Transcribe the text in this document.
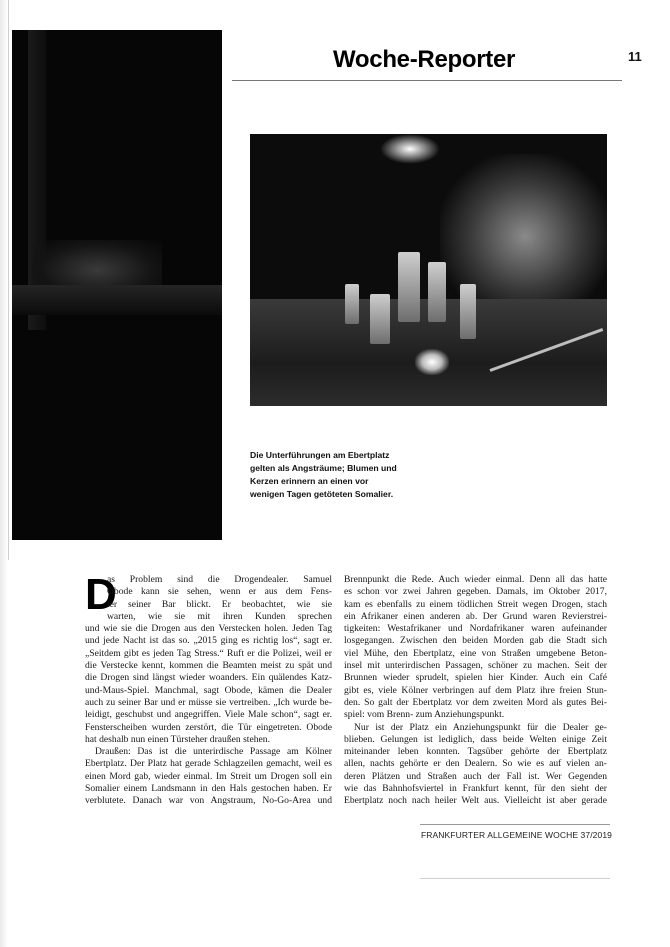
Woche-Reporter	11
Die Unterführungen am Ebertplatz
gelten als Angsträume; Blumen und
Kerzen erinnern an einen vor
wenigen Tagen getöteten Somalier.
D
as Problem sind die Drogendealer. Samuel
Obode kann sie sehen, wenn er aus dem Fens-
ter seiner Bar blickt. Er beobachtet, wie sie
warten, wie sie mit ihren Kunden sprechen
und wie sie die Drogen aus den Verstecken holen. Jeden Tag
und jede Nacht ist das so. „2015 ging es richtig los“, sagt er.
„Seitdem gibt es jeden Tag Stress.“ Ruft er die Polizei, weil er
die Verstecke kennt, kommen die Beamten meist zu spät und
die Drogen sind längst wieder woanders. Ein quälendes Katz-
und-Maus-Spiel. Manchmal, sagt Obode, kämen die Dealer
auch zu seiner Bar und er müsse sie vertreiben. „Ich wurde be-
leidigt, geschubst und angegriffen. Viele Male schon“, sagt er.
Fensterscheiben wurden zerstört, die Tür eingetreten. Obode
hat deshalb nun einen Türsteher draußen stehen.
Draußen: Das ist die unterirdische Passage am Kölner
Ebertplatz. Der Platz hat gerade Schlagzeilen gemacht, weil es
einen Mord gab, wieder einmal. Im Streit um Drogen soll ein
Somalier einem Landsmann in den Hals gestochen haben. Er
verblutete. Danach war von Angstraum, No-Go-Area und
Brennpunkt die Rede. Auch wieder einmal. Denn all das hatte
es schon vor zwei Jahren gegeben. Damals, im Oktober 2017,
kam es ebenfalls zu einem tödlichen Streit wegen Drogen, stach
ein Afrikaner einen anderen ab. Der Grund waren Revierstrei-
tigkeiten: Westafrikaner und Nordafrikaner waren aufeinander
losgegangen. Zwischen den beiden Morden gab die Stadt sich
viel Mühe, den Ebertplatz, eine von Straßen umgebene Beton-
insel mit unterirdischen Passagen, schöner zu machen. Seit der
Brunnen wieder sprudelt, spielen hier Kinder. Auch ein Café
gibt es, viele Kölner verbringen auf dem Platz ihre freien Stun-
den. So galt der Ebertplatz vor dem zweiten Mord als gutes Bei-
spiel: vom Brenn- zum Anziehungspunkt.
Nur ist der Platz ein Anziehungspunkt für die Dealer ge-
blieben. Gelungen ist lediglich, dass beide Welten einige Zeit
miteinander leben konnten. Tagsüber gehörte der Ebertplatz
allen, nachts gehörte er den Dealern. So wie es auf vielen an-
deren Plätzen und Straßen auch der Fall ist. Wer Gegenden
wie das Bahnhofsviertel in Frankfurt kennt, für den sieht der
Ebertplatz noch nach heiler Welt aus. Vielleicht ist aber gerade
FRANKFURTER ALLGEMEINE WOCHE 37/2019
